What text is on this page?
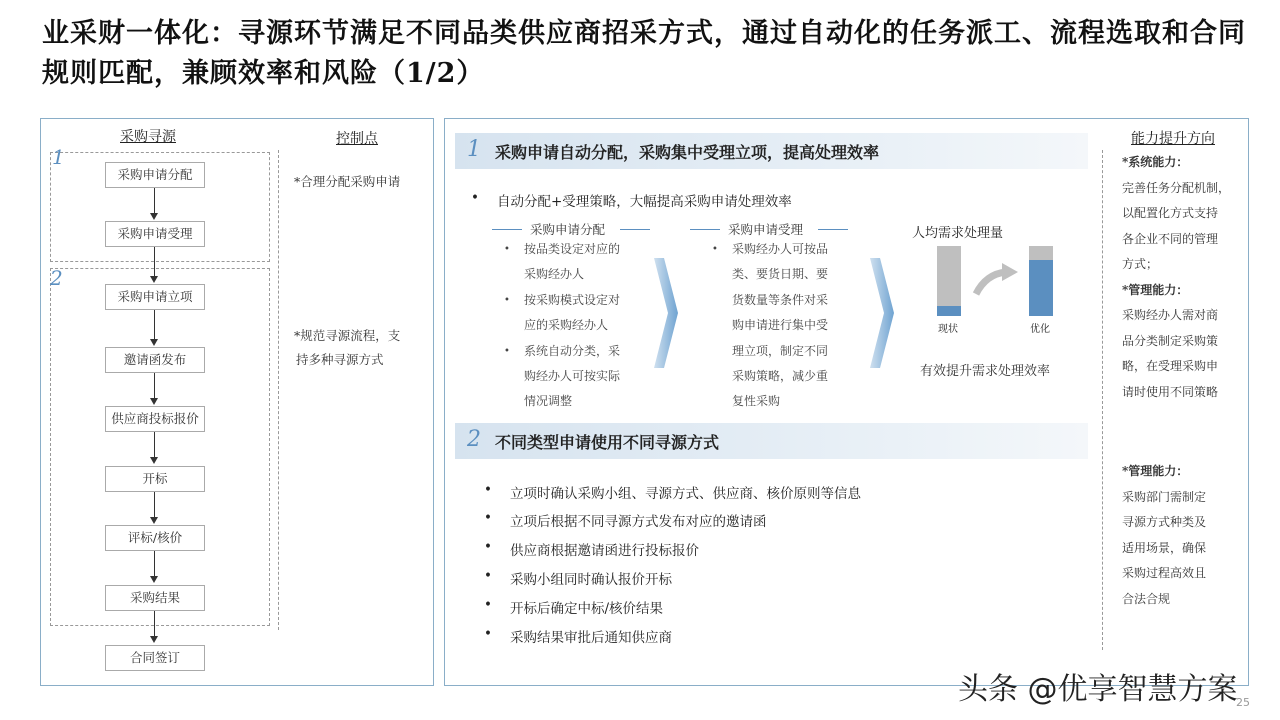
业采财一体化：寻源环节满足不同品类供应商招采方式，通过自动化的任务派工、流程选取和合同规则匹配，兼顾效率和风险（1/2）
采购寻源	控制点
1
2
采购申请分配
采购申请受理
采购申请立项
邀请函发布
供应商投标报价
开标
评标/核价
采购结果
合同签订
*合理分配采购申请
*规范寻源流程，支
持多种寻源方式
1 采购申请自动分配，采购集中受理立项，提高处理效率
• 自动分配+受理策略，大幅提高采购申请处理效率
采购申请分配
• 按品类设定对应的
采购经办人
• 按采购模式设定对
应的采购经办人
• 系统自动分类，采
购经办人可按实际
情况调整
采购申请受理
• 采购经办人可按品
类、要货日期、要
货数量等条件对采
购申请进行集中受
理立项，制定不同
采购策略，减少重
复性采购
人均需求处理量
现状	优化
有效提升需求处理效率
2 不同类型申请使用不同寻源方式
• 立项时确认采购小组、寻源方式、供应商、核价原则等信息
• 立项后根据不同寻源方式发布对应的邀请函
• 供应商根据邀请函进行投标报价
• 采购小组同时确认报价开标
• 开标后确定中标/核价结果
• 采购结果审批后通知供应商
能力提升方向
*系统能力：
完善任务分配机制，
以配置化方式支持
各企业不同的管理
方式；
*管理能力：
采购经办人需对商
品分类制定采购策
略，在受理采购申
请时使用不同策略
*管理能力：
采购部门需制定
寻源方式种类及
适用场景，确保
采购过程高效且
合法合规
头条 @优享智慧方案
25
